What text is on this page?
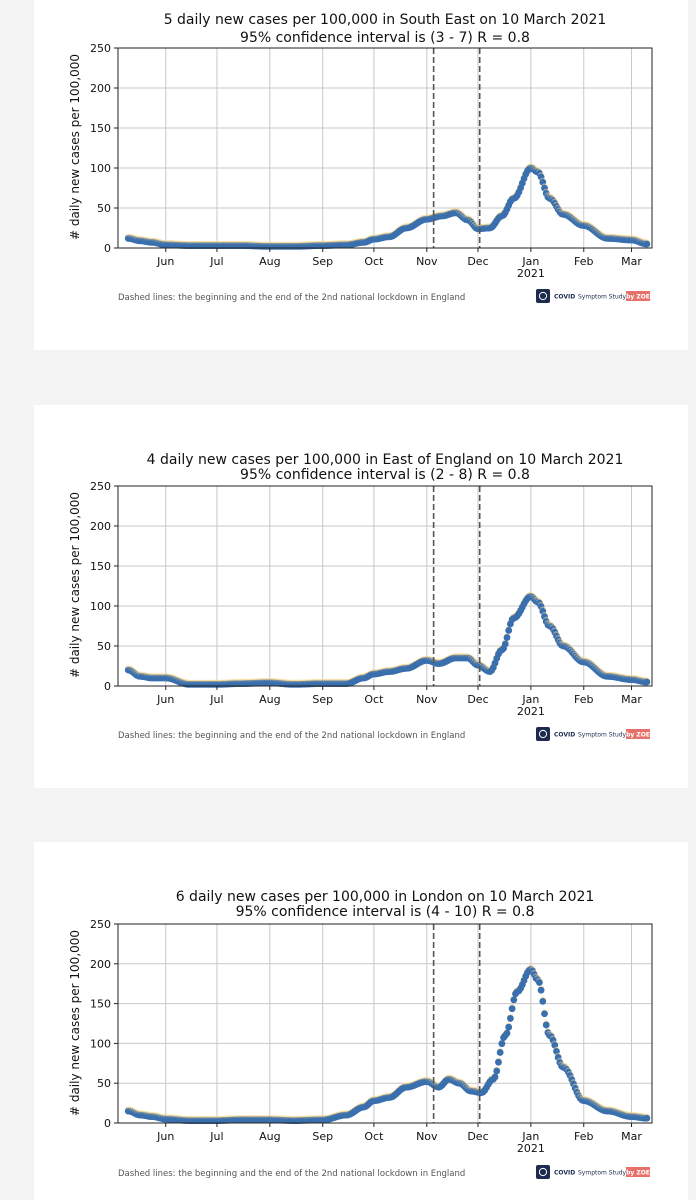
5 daily new cases per 100,000 in South East on 10 March 2021
95% confidence interval is (3 - 7) R = 0.8
# daily new cases per 100,000
0
50
100
150
200
250
Jun	Jul	Aug	Sep	Oct	Nov	Dec	Jan	Feb	Mar
2021
Dashed lines: the beginning and the end of the 2nd national lockdown in England	COVID Symptom Study by ZOE
4 daily new cases per 100,000 in East of England on 10 March 2021
95% confidence interval is (2 - 8) R = 0.8
# daily new cases per 100,000
0
50
100
150
200
250
Jun	Jul	Aug	Sep	Oct	Nov	Dec	Jan	Feb	Mar
2021
Dashed lines: the beginning and the end of the 2nd national lockdown in England	COVID Symptom Study by ZOE
6 daily new cases per 100,000 in London on 10 March 2021
95% confidence interval is (4 - 10) R = 0.8
# daily new cases per 100,000
0
50
100
150
200
250
Jun	Jul	Aug	Sep	Oct	Nov	Dec	Jan	Feb	Mar
2021
Dashed lines: the beginning and the end of the 2nd national lockdown in England	COVID Symptom Study by ZOE
